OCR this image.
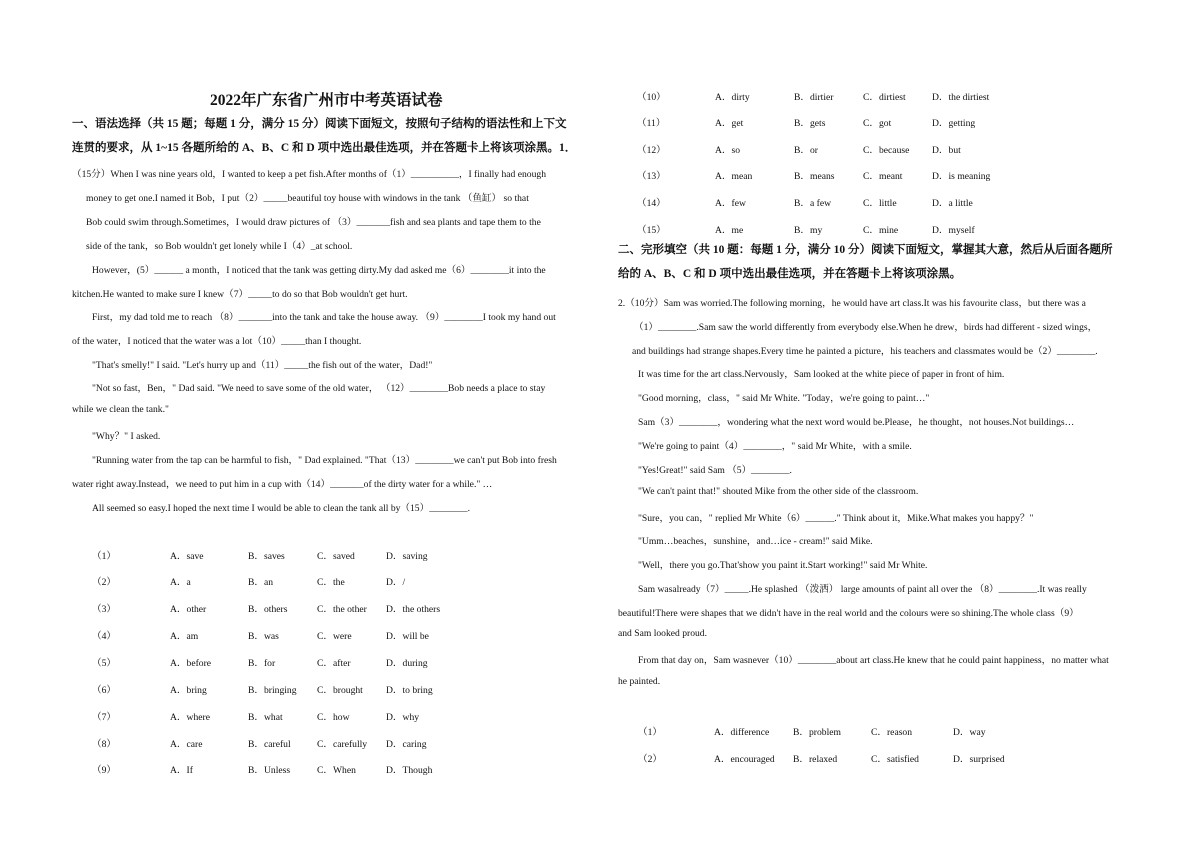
2022年广东省广州市中考英语试卷
一、语法选择（共 15 题；每题 1 分，满分 15 分）阅读下面短文，按照句子结构的语法性和上下文
连贯的要求，从 1~15 各题所给的 A、B、C 和 D 项中选出最佳选项，并在答题卡上将该项涂黑。1．
（15分）When I was nine years old，I wanted to keep a pet fish.After months of（1）__________，I finally had enough
money to get one.I named it Bob，I put（2）_____beautiful toy house with windows in the tank （鱼缸） so that
Bob could swim through.Sometimes，I would draw pictures of （3）_______fish and sea plants and tape them to the
side of the tank，so Bob wouldn't get lonely while I（4）_at school.
However，(5）______ a month，I noticed that the tank was getting dirty.My dad asked me（6）________it into the
kitchen.He wanted to make sure I knew（7）_____to do so that Bob wouldn't get hurt.
First，my dad told me to reach （8）_______into the tank and take the house away. （9）________I took my hand out
of the water，I noticed that the water was a lot（10）_____than I thought.
"That's smelly!" I said. "Let's hurry up and（11）_____the fish out of the water，Dad!"
"Not so fast，Ben，" Dad said. "We need to save some of the old water， （12）________Bob needs a place to stay
while we clean the tank."
"Why？" I asked.
"Running water from the tap can be harmful to fish，" Dad explained. "That（13）________we can't put Bob into fresh
water right away.Instead，we need to put him in a cup with（14）_______of the dirty water for a while." …
All seemed so easy.I hoped the next time I would be able to clean the tank all by（15）________.
（1）	A．save	B．saves	C．saved	D．saving
（2）	A．a	B．an	C．the	D．/
（3）	A．other	B．others	C．the other D．the others
（4）	A．am	B．was	C．were	D．will be
（5）	A．before	B．for	C．after	D．during
（6）	A．bring	B．bringing C．brought D．to bring
（7）	A．where	B．what	C．how	D．why
（8）	A．care	B．careful	C．carefully D．caring
（9）	A．If	B．Unless	C．When	D．Though
（10）	A．dirty	B．dirtier	C．dirtiest	D．the dirtiest
（11）	A．get	B．gets	C．got	D．getting
（12）	A．so	B．or	C．because D．but
（13）	A．mean	B．means	C．meant	D．is meaning
（14）	A．few	B．a few	C．little	D．a little
（15）	A．me	B．my	C．mine	D．myself
二、完形填空（共 10 题：每题 1 分，满分 10 分）阅读下面短文，掌握其大意，然后从后面各题所
给的 A、B、C 和 D 项中选出最佳选项，并在答题卡上将该项涂黑。
2.（10分）Sam was worried.The following morning，he would have art class.It was his favourite class，but there was a
（1）________.Sam saw the world differently from everybody else.When he drew，birds had different - sized wings，
and buildings had strange shapes.Every time he painted a picture，his teachers and classmates would be（2）________.
It was time for the art class.Nervously，Sam looked at the white piece of paper in front of him.
"Good morning，class，" said Mr White. "Today，we're going to paint…"
Sam（3）________，wondering what the next word would be.Please，he thought，not houses.Not buildings…
"We're going to paint（4）________，" said Mr White，with a smile.
"Yes!Great!" said Sam （5）________.
"We can't paint that!" shouted Mike from the other side of the classroom.
"Sure，you can，" replied Mr White（6）______." Think about it，Mike.What makes you happy？"
"Umm…beaches，sunshine，and…ice - cream!" said Mike.
"Well，there you go.That'show you paint it.Start working!" said Mr White.
Sam wasalready（7）_____.He splashed （泼洒） large amounts of paint all over the （8）________.It was really
beautiful!There were shapes that we didn't have in the real world and the colours were so shining.The whole class（9）
and Sam looked proud.
From that day on，Sam wasnever（10）________about art class.He knew that he could paint happiness，no matter what
he painted.
（1）	A．difference B．problem	C．reason	D．way
（2）	A．encouraged B．relaxed	C．satisfied	D．surprised
